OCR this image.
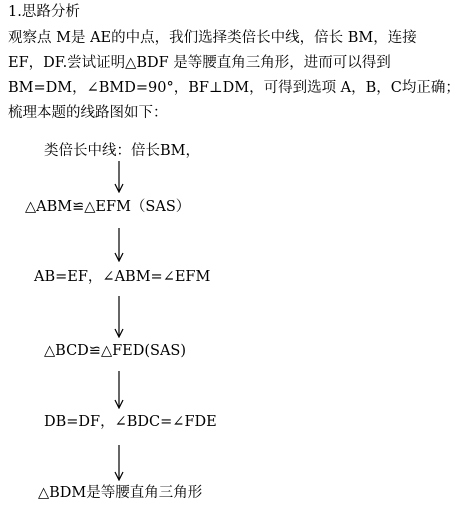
1.思路分析
观察点 M是 AE的中点，我们选择类倍长中线，倍长 BM，连接
EF，DF.尝试证明△BDF 是等腰直角三角形，进而可以得到
BM=DM，∠BMD=90°，BF⊥DM，可得到选项 A，B，C均正确；
梳理本题的线路图如下：
类倍长中线：倍长BM，
△ABM≌△EFM（SAS）
AB=EF，∠ABM=∠EFM
△BCD≌△FED(SAS)
DB=DF，∠BDC=∠FDE
△BDM是等腰直角三角形
